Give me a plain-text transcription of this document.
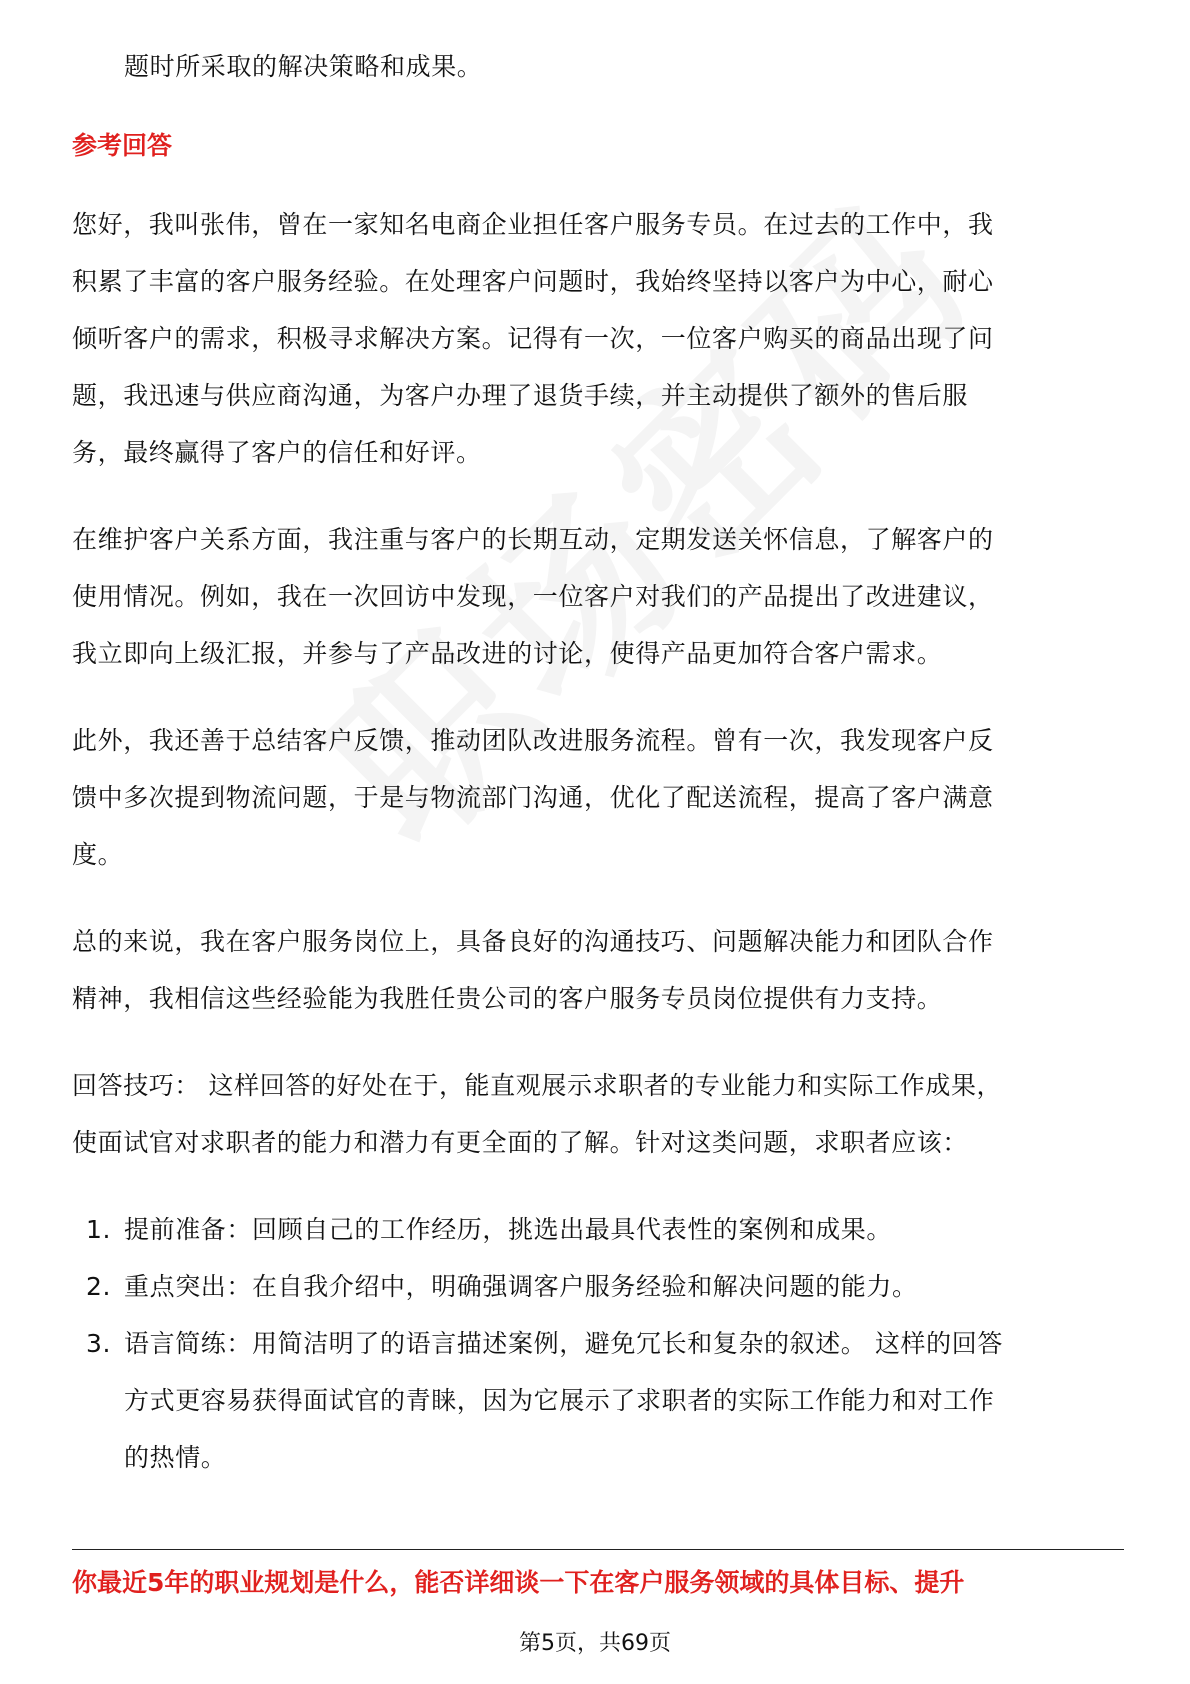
题时所采取的解决策略和成果。
参考回答
您好，我叫张伟，曾在一家知名电商企业担任客户服务专员。在过去的工作中，我
积累了丰富的客户服务经验。在处理客户问题时，我始终坚持以客户为中心，耐心
倾听客户的需求，积极寻求解决方案。记得有一次，一位客户购买的商品出现了问
题，我迅速与供应商沟通，为客户办理了退货手续，并主动提供了额外的售后服
务，最终赢得了客户的信任和好评。
在维护客户关系方面，我注重与客户的长期互动，定期发送关怀信息，了解客户的
使用情况。例如，我在一次回访中发现，一位客户对我们的产品提出了改进建议，
我立即向上级汇报，并参与了产品改进的讨论，使得产品更加符合客户需求。
此外，我还善于总结客户反馈，推动团队改进服务流程。曾有一次，我发现客户反
馈中多次提到物流问题，于是与物流部门沟通，优化了配送流程，提高了客户满意
度。
总的来说，我在客户服务岗位上，具备良好的沟通技巧、问题解决能力和团队合作
精神，我相信这些经验能为我胜任贵公司的客户服务专员岗位提供有力支持。
回答技巧： 这样回答的好处在于，能直观展示求职者的专业能力和实际工作成果，
使面试官对求职者的能力和潜力有更全面的了解。针对这类问题，求职者应该：
1. 提前准备：回顾自己的工作经历，挑选出最具代表性的案例和成果。
2. 重点突出：在自我介绍中，明确强调客户服务经验和解决问题的能力。
3. 语言简练：用简洁明了的语言描述案例，避免冗长和复杂的叙述。 这样的回答
方式更容易获得面试官的青睐，因为它展示了求职者的实际工作能力和对工作
的热情。
你最近5年的职业规划是什么，能否详细谈一下在客户服务领域的具体目标、提升
第5页，共69页
